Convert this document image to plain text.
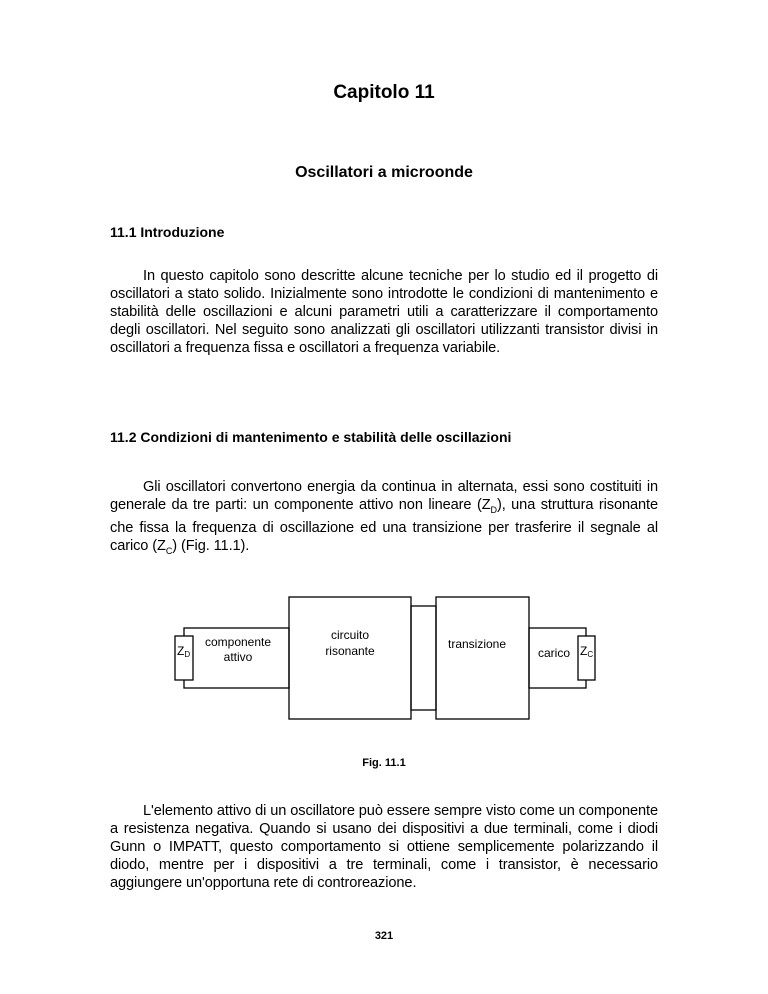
Capitolo 11
Oscillatori a microonde
11.1 Introduzione

In questo capitolo sono descritte alcune tecniche per lo studio ed il progetto di oscillatori a stato solido. Inizialmente sono introdotte le condizioni di mantenimento e stabilità delle oscillazioni e alcuni parametri utili a caratterizzare il comportamento degli oscillatori. Nel seguito sono analizzati gli oscillatori utilizzanti transistor divisi in oscillatori a frequenza fissa e oscillatori a frequenza variabile.

11.2 Condizioni di mantenimento e stabilità delle oscillazioni

Gli oscillatori convertono energia da continua in alternata, essi sono costituiti in generale da tre parti: un componente attivo non lineare $(Z_D)$, una struttura risonante che fissa la frequenza di oscillazione ed una transizione per trasferire il segnale al carico $(Z_C)$ (Fig. 11.1).

ZD
componente
attivo
circuito
risonante	transizione
carico ZC
Fig. 11.1

L'elemento attivo di un oscillatore può essere sempre visto come un componente a resistenza negativa. Quando si usano dei dispositivi a due terminali, come i diodi Gunn o IMPATT, questo comportamento si ottiene semplicemente polarizzando il diodo, mentre per i dispositivi a tre terminali, come i transistor, è necessario aggiungere un'opportuna rete di controreazione.

321
